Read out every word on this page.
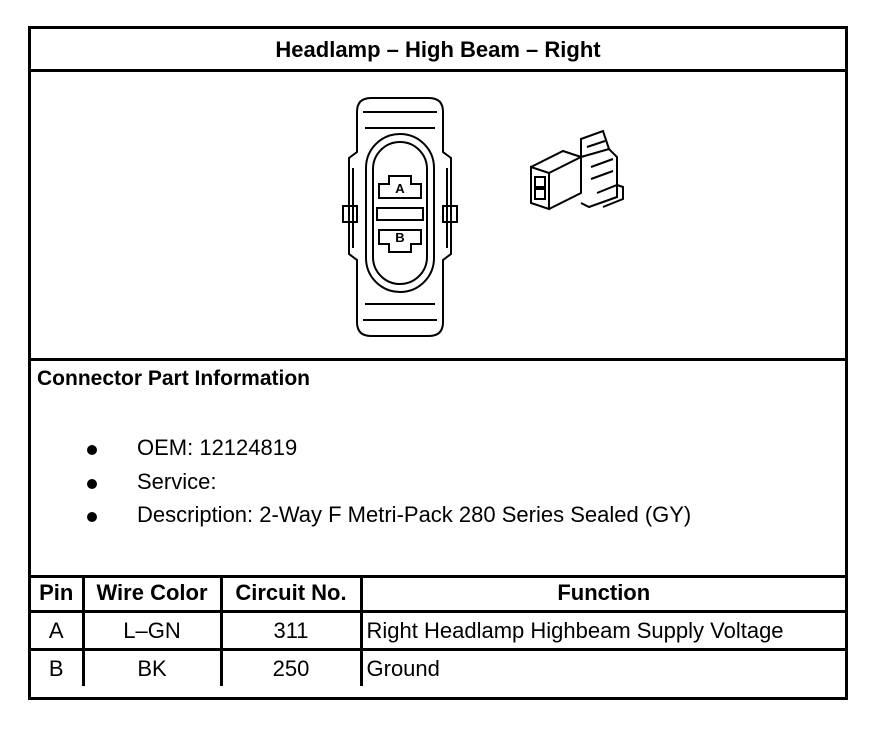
Headlamp – High Beam – Right
A
B
Connector Part Information
OEM: 12124819
Service:
Description: 2-Way F Metri-Pack 280 Series Sealed (GY)
Pin	Wire Color	Circuit No.	Function
A	L–GN	311	Right Headlamp Highbeam Supply Voltage
B	BK	250	Ground
